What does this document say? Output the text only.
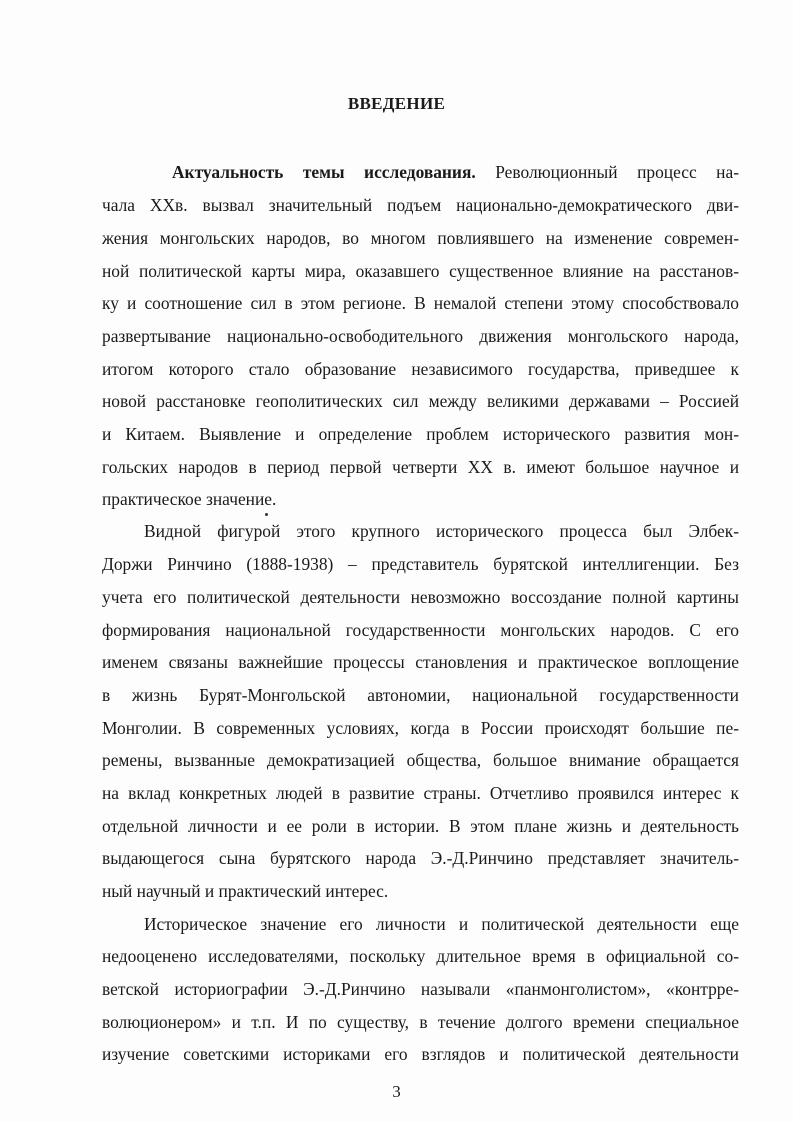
ВВЕДЕНИЕ

Актуальность темы исследования. Революционный процесс на-

чала ХХв. вызвал значительный подъем национально-демократического дви-

жения монгольских народов, во многом повлиявшего на изменение современ-

ной политической карты мира, оказавшего существенное влияние на расстанов-

ку и соотношение сил в этом регионе. В немалой степени этому способствовало

развертывание национально-освободительного движения монгольского народа,

итогом которого стало образование независимого государства, приведшее к

новой расстановке геополитических сил между великими державами – Россией

и Китаем. Выявление и определение проблем исторического развития мон-

гольских народов в период первой четверти ХХ в. имеют большое научное и

практическое значение.

Видной фигурой этого крупного исторического процесса был Элбек-

Доржи Ринчино (1888-1938) – представитель бурятской интеллигенции. Без

учета его политической деятельности невозможно воссоздание полной картины

формирования национальной государственности монгольских народов. С его

именем связаны важнейшие процессы становления и практическое воплощение

в жизнь Бурят-Монгольской автономии, национальной государственности

Монголии. В современных условиях, когда в России происходят большие пе-

ремены, вызванные демократизацией общества, большое внимание обращается

на вклад конкретных людей в развитие страны. Отчетливо проявился интерес к

отдельной личности и ее роли в истории. В этом плане жизнь и деятельность

выдающегося сына бурятского народа Э.-Д.Ринчино представляет значитель-

ный научный и практический интерес.

Историческое значение его личности и политической деятельности еще

недооценено исследователями, поскольку длительное время в официальной со-

ветской историографии Э.-Д.Ринчино называли «панмонголистом», «контрре-

волюционером» и т.п. И по существу, в течение долгого времени специальное

изучение советскими историками его взглядов и политической деятельности

3
